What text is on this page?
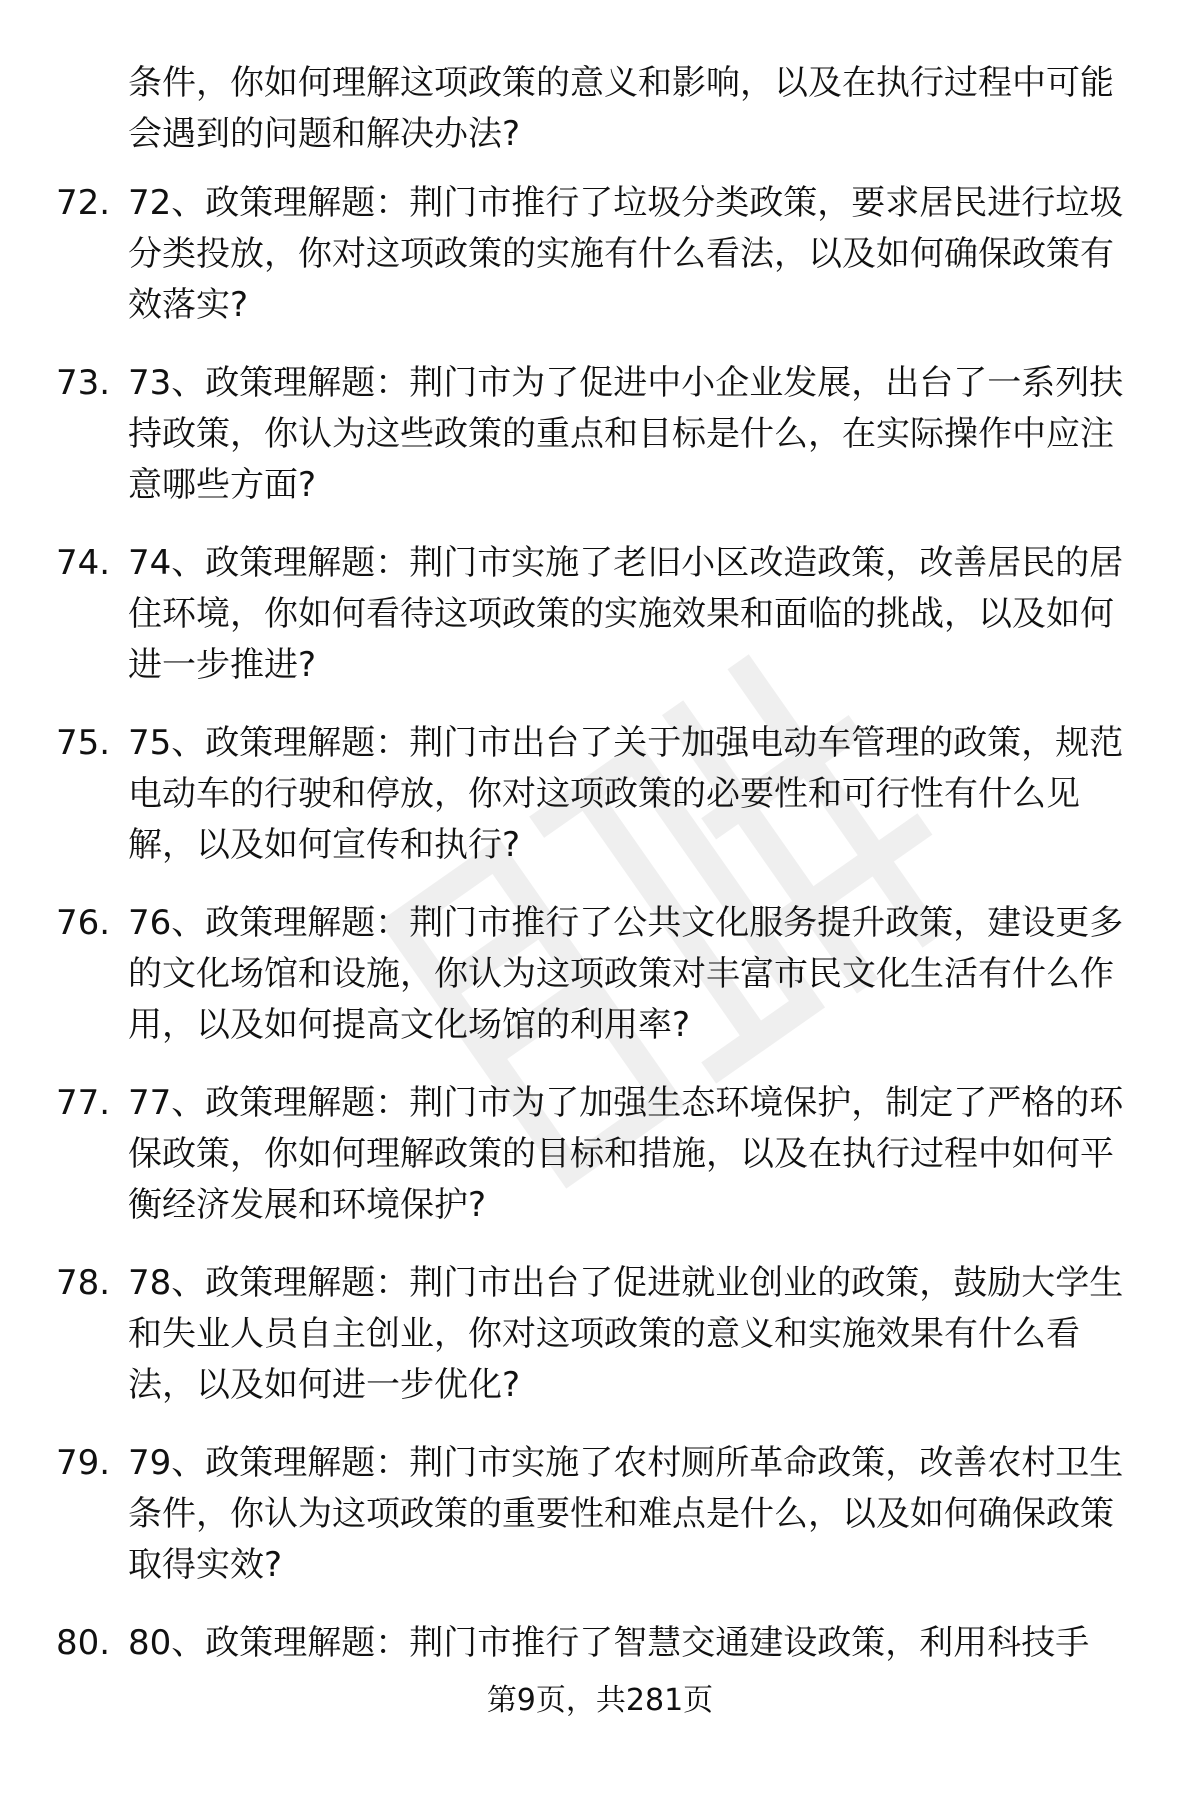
条件，你如何理解这项政策的意义和影响，以及在执行过程中可能会遇到的问题和解决办法?
72. 72、政策理解题：荆门市推行了垃圾分类政策，要求居民进行垃圾分类投放，你对这项政策的实施有什么看法，以及如何确保政策有效落实?
73. 73、政策理解题：荆门市为了促进中小企业发展，出台了一系列扶持政策，你认为这些政策的重点和目标是什么，在实际操作中应注意哪些方面?
74. 74、政策理解题：荆门市实施了老旧小区改造政策，改善居民的居住环境，你如何看待这项政策的实施效果和面临的挑战，以及如何进一步推进?
75. 75、政策理解题：荆门市出台了关于加强电动车管理的政策，规范电动车的行驶和停放，你对这项政策的必要性和可行性有什么见解，以及如何宣传和执行?
76. 76、政策理解题：荆门市推行了公共文化服务提升政策，建设更多的文化场馆和设施，你认为这项政策对丰富市民文化生活有什么作用，以及如何提高文化场馆的利用率?
77. 77、政策理解题：荆门市为了加强生态环境保护，制定了严格的环保政策，你如何理解政策的目标和措施，以及在执行过程中如何平衡经济发展和环境保护?
78. 78、政策理解题：荆门市出台了促进就业创业的政策，鼓励大学生和失业人员自主创业，你对这项政策的意义和实施效果有什么看法，以及如何进一步优化?
79. 79、政策理解题：荆门市实施了农村厕所革命政策，改善农村卫生条件，你认为这项政策的重要性和难点是什么，以及如何确保政策取得实效?
80. 80、政策理解题：荆门市推行了智慧交通建设政策，利用科技手
第9页，共281页
